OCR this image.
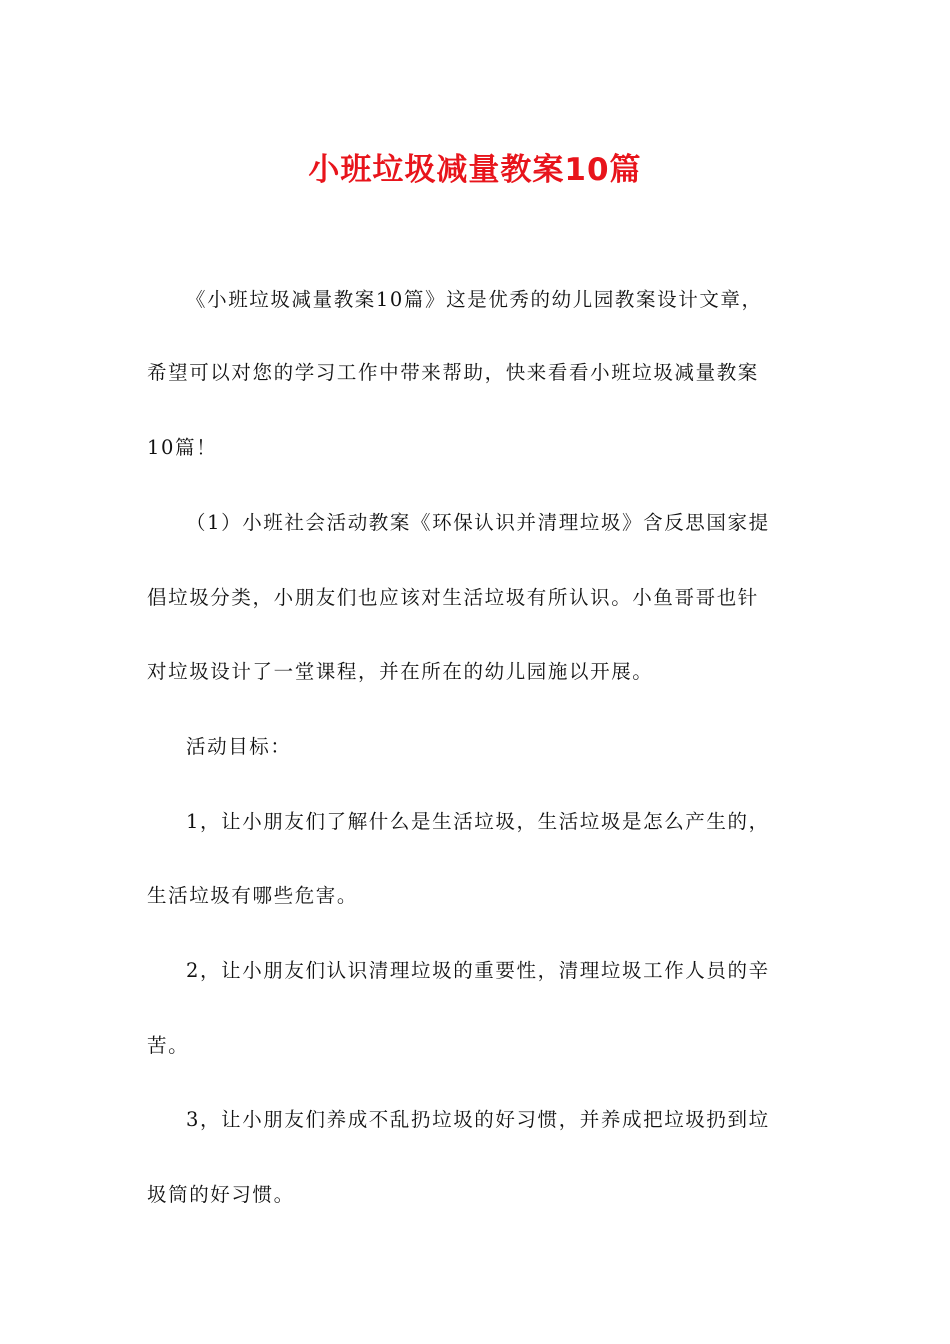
小班垃圾减量教案10篇

《小班垃圾减量教案10篇》这是优秀的幼儿园教案设计文章，

希望可以对您的学习工作中带来帮助，快来看看小班垃圾减量教案

10篇！

（1）小班社会活动教案《环保认识并清理垃圾》含反思国家提

倡垃圾分类，小朋友们也应该对生活垃圾有所认识。小鱼哥哥也针

对垃圾设计了一堂课程，并在所在的幼儿园施以开展。

活动目标：

1，让小朋友们了解什么是生活垃圾，生活垃圾是怎么产生的，

生活垃圾有哪些危害。

2，让小朋友们认识清理垃圾的重要性，清理垃圾工作人员的辛

苦。

3，让小朋友们养成不乱扔垃圾的好习惯，并养成把垃圾扔到垃

圾筒的好习惯。
